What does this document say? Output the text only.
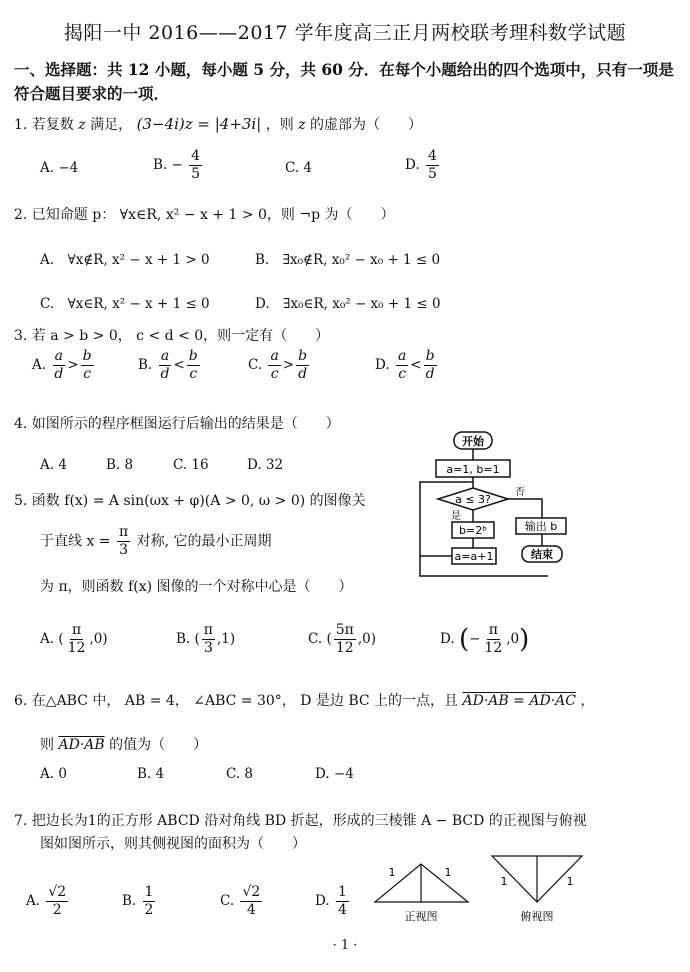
揭阳一中 2016——2017 学年度高三正月两校联考理科数学试题
一、选择题：共 12 小题，每小题 5 分，共 60 分．在每个小题给出的四个选项中，只有一项是符合题目要求的一项．
1. 若复数 z 满足， (3−4i)z = |4+3i| ，则 z 的虚部为（　　）
A. −4	B. − $\frac{4}{5}$	C. 4	D. $\frac{4}{5}$
2. 已知命题 p： ∀x∈R, x² − x + 1 > 0，则 ¬p 为（　　）
A.　∀x∉R, x² − x + 1 > 0	B.　∃x₀∉R, x₀² − x₀ + 1 ≤ 0
C.　∀x∈R, x² − x + 1 ≤ 0	D.　∃x₀∈R, x₀² − x₀ + 1 ≤ 0
3. 若 a > b > 0， c < d < 0，则一定有（　　）
A. $\frac{a}{d} > \frac{b}{c}$	B. $\frac{a}{d} < \frac{b}{c}$	C. $\frac{a}{c} > \frac{b}{d}$	D. $\frac{a}{c} < \frac{b}{d}$
4. 如图所示的程序框图运行后输出的结果是（　　）
A. 4	B. 8	C. 16	D. 32
开始
a=1, b=1
a ≤ 3?
是
否
b=2ᵇ
a=a+1
输出 b
结束
5. 函数 f(x) = A sin(ωx + φ)(A > 0, ω > 0) 的图像关
于直线 $x = \frac{\pi}{3}$ 对称, 它的最小正周期
为 π，则函数 f(x) 图像的一个对称中心是（　　）
A. ( $\frac{\pi}{12} ,0$)	B. ( $\frac{\pi}{3} ,1$)	C. ( $\frac{5\pi}{12} ,0$)	D. (− $\frac{\pi}{12} ,0$)
6. 在△ABC 中， AB = 4， ∠ABC = 30°， D 是边 BC 上的一点，且 AD·AB = AD·AC ，
则 AD·AB 的值为（　　）
A. 0	B. 4	C. 8	D. −4
7. 把边长为1的正方形 ABCD 沿对角线 BD 折起，形成的三棱锥 A − BCD 的正视图与俯视
图如图所示，则其侧视图的面积为（　　）
A. $\frac{√2}{2}$	B. $\frac{1}{2}$	C. $\frac{√2}{4}$	D. $\frac{1}{4}$
1	1
正视图
1	1
俯视图
· 1 ·
